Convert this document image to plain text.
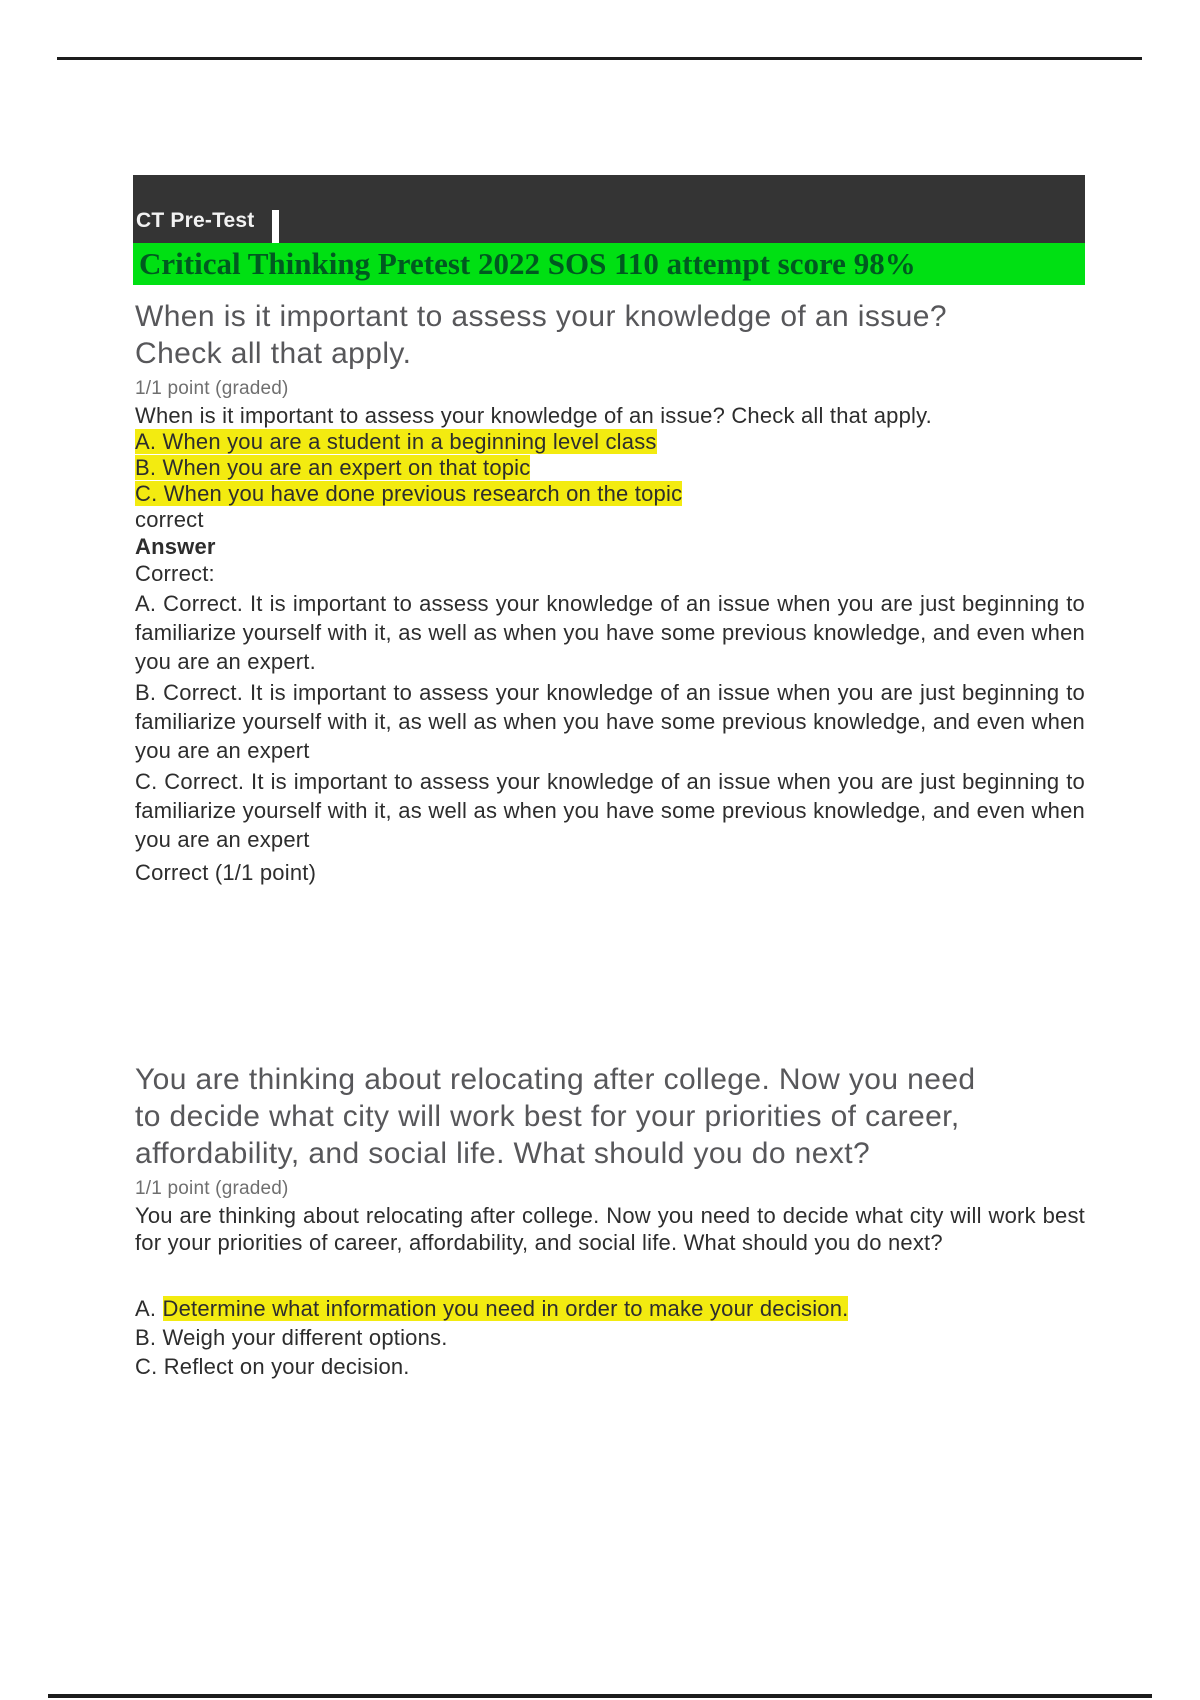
CT Pre-Test
Critical Thinking Pretest 2022 SOS 110 attempt score 98%
When is it important to assess your knowledge of an issue? Check all that apply.
1/1 point (graded)

When is it important to assess your knowledge of an issue? Check all that apply.

A. When you are a student in a beginning level class
B. When you are an expert on that topic
C. When you have done previous research on the topic
correct
Answer
Correct:

A. Correct. It is important to assess your knowledge of an issue when you are just beginning to familiarize yourself with it, as well as when you have some previous knowledge, and even when you are an expert.

B. Correct. It is important to assess your knowledge of an issue when you are just beginning to familiarize yourself with it, as well as when you have some previous knowledge, and even when you are an expert

C. Correct. It is important to assess your knowledge of an issue when you are just beginning to familiarize yourself with it, as well as when you have some previous knowledge, and even when you are an expert

Correct (1/1 point)
You are thinking about relocating after college. Now you need to decide what city will work best for your priorities of career, affordability, and social life. What should you do next?
1/1 point (graded)

You are thinking about relocating after college. Now you need to decide what city will work best for your priorities of career, affordability, and social life. What should you do next?

A. Determine what information you need in order to make your decision.
B. Weigh your different options.
C. Reflect on your decision.
